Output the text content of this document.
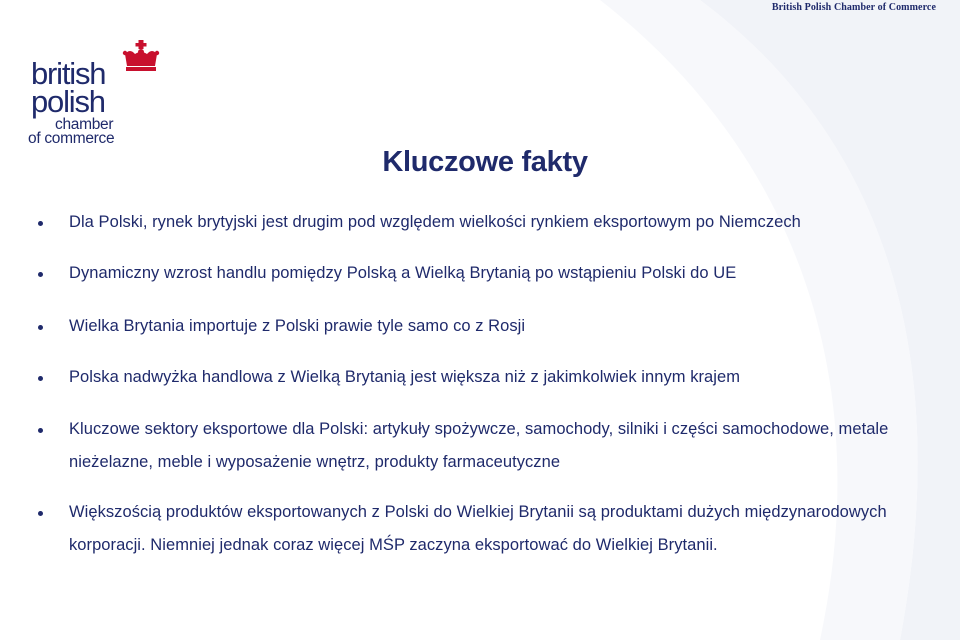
British Polish Chamber of Commerce

british

polish

chamber

of commerce

Kluczowe fakty
Dla Polski, rynek brytyjski jest drugim pod względem wielkości rynkiem eksportowym po Niemczech
Dynamiczny wzrost handlu pomiędzy Polską a Wielką Brytanią po wstąpieniu Polski do UE
Wielka Brytania importuje z Polski prawie tyle samo co z Rosji
Polska nadwyżka handlowa z Wielką Brytanią jest większa niż z jakimkolwiek innym krajem
Kluczowe sektory eksportowe dla Polski: artykuły spożywcze, samochody, silniki i części samochodowe, metale nieżelazne, meble i wyposażenie wnętrz, produkty farmaceutyczne
Większością produktów eksportowanych z Polski do Wielkiej Brytanii są produktami dużych międzynarodowych korporacji. Niemniej jednak coraz więcej MŚP zaczyna eksportować do Wielkiej Brytanii.
